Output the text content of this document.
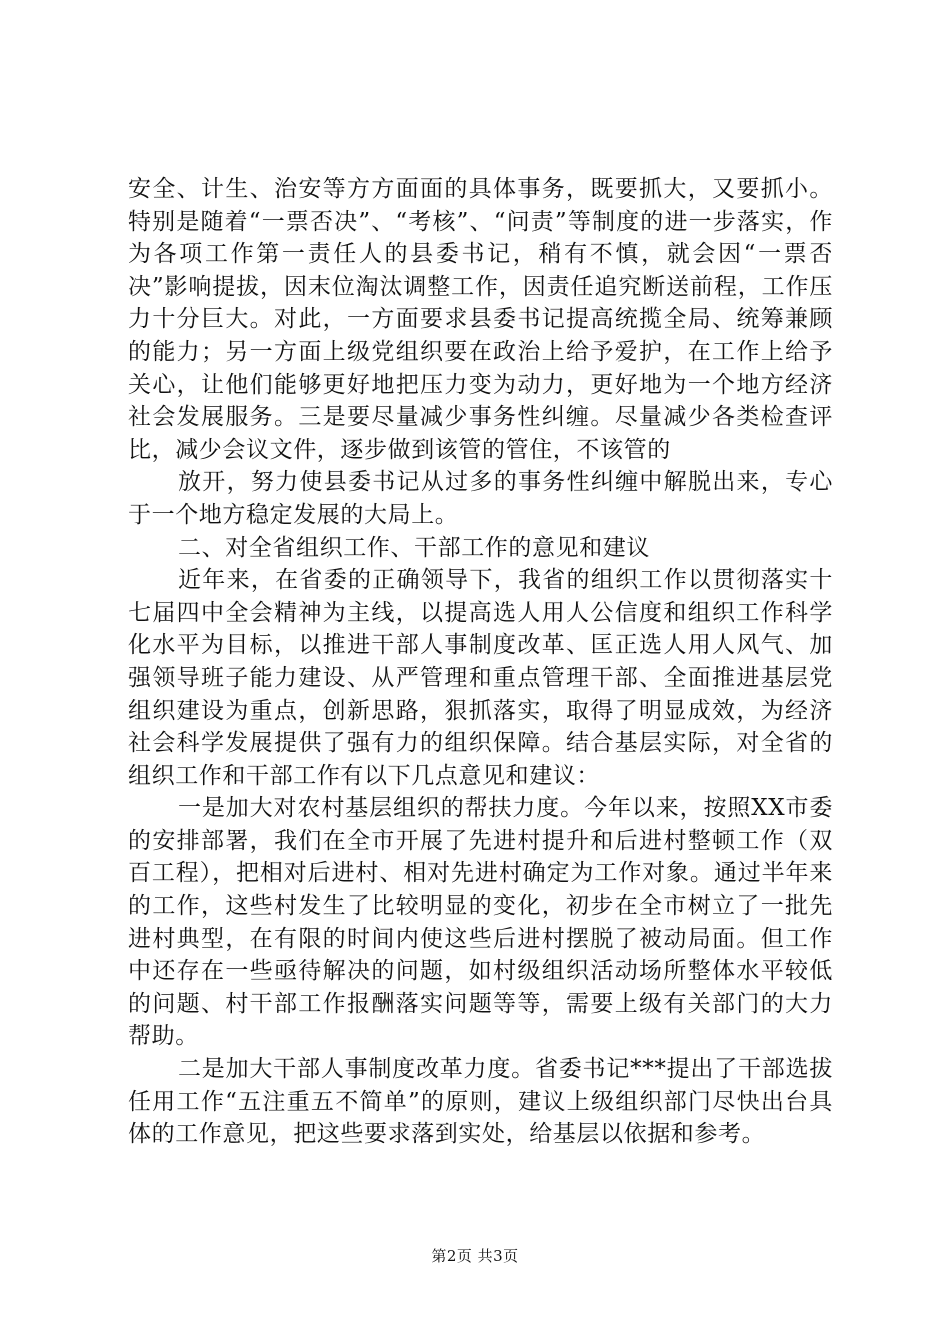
安全、计生、治安等方方面面的具体事务，既要抓大，又要抓小。特别是随着“一票否决”、“考核”、“问责”等制度的进一步落实，作为各项工作第一责任人的县委书记，稍有不慎，就会因“一票否决”影响提拔，因末位淘汰调整工作，因责任追究断送前程，工作压力十分巨大。对此，一方面要求县委书记提高统揽全局、统筹兼顾的能力；另一方面上级党组织要在政治上给予爱护，在工作上给予关心，让他们能够更好地把压力变为动力，更好地为一个地方经济社会发展服务。三是要尽量减少事务性纠缠。尽量减少各类检查评比，减少会议文件，逐步做到该管的管住，不该管的

放开，努力使县委书记从过多的事务性纠缠中解脱出来，专心于一个地方稳定发展的大局上。

二、对全省组织工作、干部工作的意见和建议

近年来，在省委的正确领导下，我省的组织工作以贯彻落实十七届四中全会精神为主线，以提高选人用人公信度和组织工作科学化水平为目标，以推进干部人事制度改革、匡正选人用人风气、加强领导班子能力建设、从严管理和重点管理干部、全面推进基层党组织建设为重点，创新思路，狠抓落实，取得了明显成效，为经济社会科学发展提供了强有力的组织保障。结合基层实际，对全省的组织工作和干部工作有以下几点意见和建议：

一是加大对农村基层组织的帮扶力度。今年以来，按照XX市委的安排部署，我们在全市开展了先进村提升和后进村整顿工作（双百工程），把相对后进村、相对先进村确定为工作对象。通过半年来的工作，这些村发生了比较明显的变化，初步在全市树立了一批先进村典型，在有限的时间内使这些后进村摆脱了被动局面。但工作中还存在一些亟待解决的问题，如村级组织活动场所整体水平较低的问题、村干部工作报酬落实问题等等，需要上级有关部门的大力帮助。

二是加大干部人事制度改革力度。省委书记***提出了干部选拔任用工作“五注重五不简单”的原则，建议上级组织部门尽快出台具体的工作意见，把这些要求落到实处，给基层以依据和参考。

第2页 共3页
